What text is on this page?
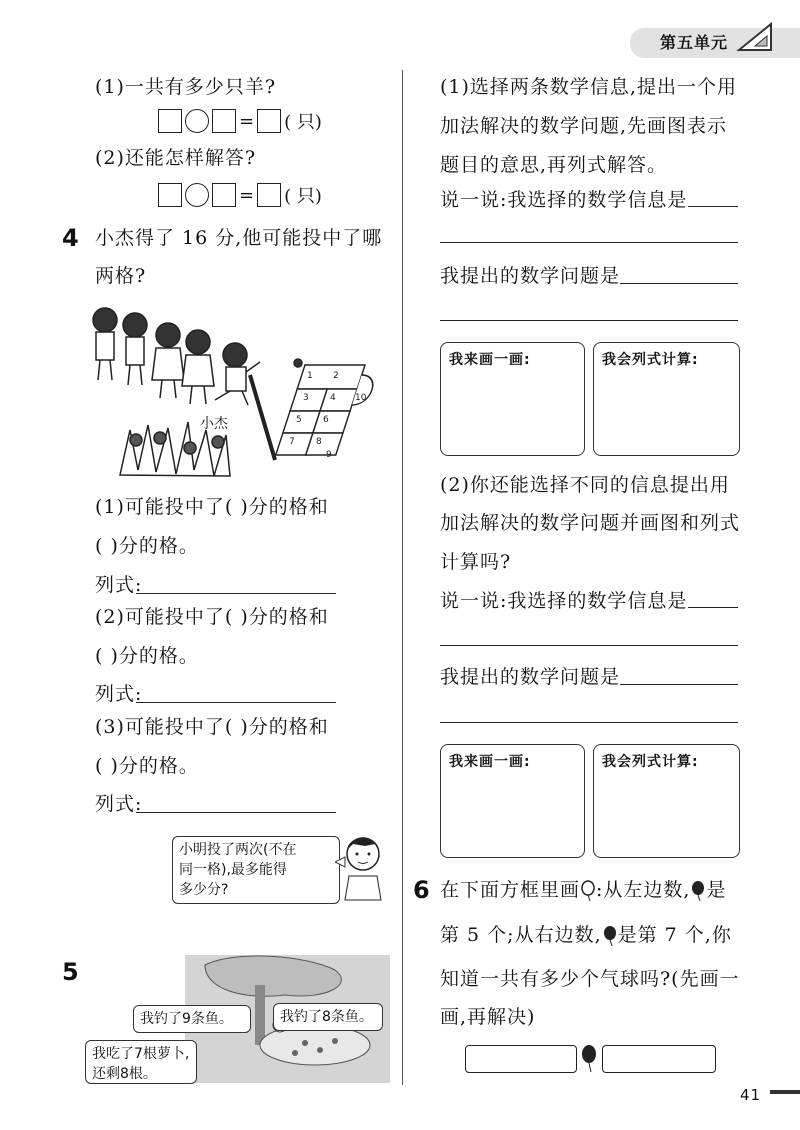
第五单元
(1)一共有多少只羊?
= ( 只)
(2)还能怎样解答?
= ( 只)
4 小杰得了 16 分,他可能投中了哪
两格?
1 2
3 4
5 6
7 8
9
10
小杰
(1)可能投中了( )分的格和
( )分的格。
列式:
(2)可能投中了( )分的格和
( )分的格。
列式:
(3)可能投中了( )分的格和
( )分的格。
列式:
小明投了两次(不在
同一格),最多能得
多少分?
5
我钓了9条鱼。	我钓了8条鱼。
我吃了7根萝卜,
还剩8根。
(1)选择两条数学信息,提出一个用
加法解决的数学问题,先画图表示
题目的意思,再列式解答。
说一说:我选择的数学信息是
我提出的数学问题是
我来画一画:	我会列式计算:
(2)你还能选择不同的信息提出用
加法解决的数学问题并画图和列式
计算吗?
说一说:我选择的数学信息是
我提出的数学问题是
我来画一画:	我会列式计算:
6 在下面方框里画 :从左边数, 是
第 5 个;从右边数, 是第 7 个,你
知道一共有多少个气球吗?(先画一
画,再解决)
41
